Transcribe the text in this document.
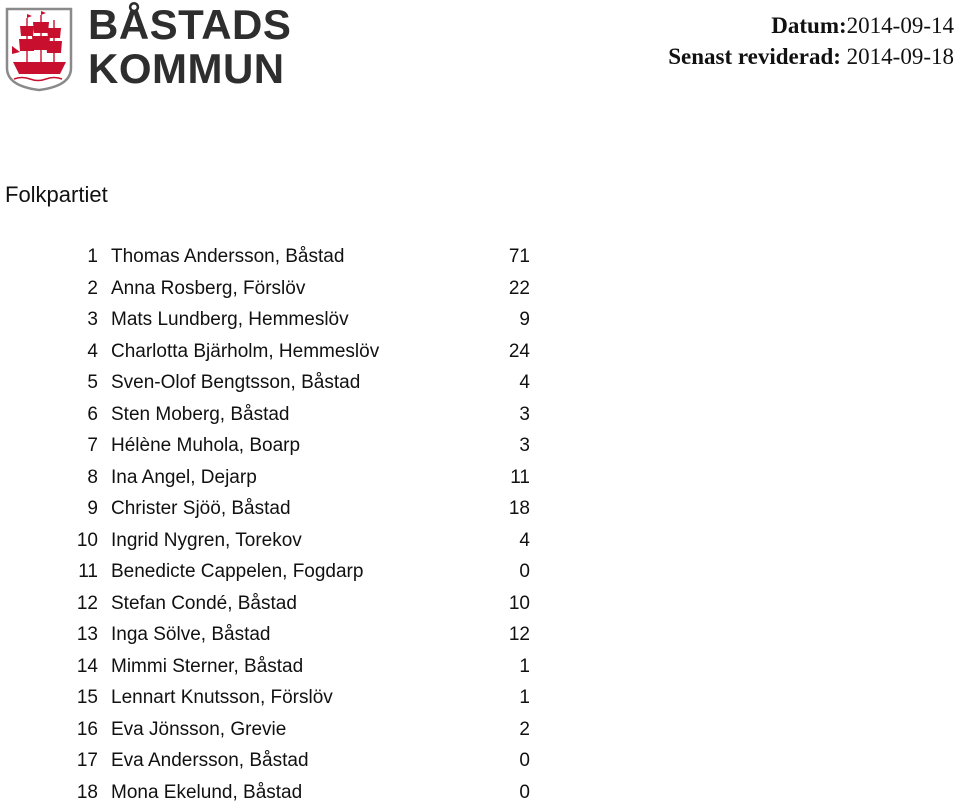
BÅSTADS
KOMMUN
Datum:2014-09-14
Senast reviderad: 2014-09-18
Folkpartiet
1 Thomas Andersson, Båstad	71
2 Anna Rosberg, Förslöv	22
3 Mats Lundberg, Hemmeslöv	9
4 Charlotta Bjärholm, Hemmeslöv	24
5 Sven-Olof Bengtsson, Båstad	4
6 Sten Moberg, Båstad	3
7 Hélène Muhola, Boarp	3
8 Ina Angel, Dejarp	11
9 Christer Sjöö, Båstad	18
10 Ingrid Nygren, Torekov	4
11 Benedicte Cappelen, Fogdarp	0
12 Stefan Condé, Båstad	10
13 Inga Sölve, Båstad	12
14 Mimmi Sterner, Båstad	1
15 Lennart Knutsson, Förslöv	1
16 Eva Jönsson, Grevie	2
17 Eva Andersson, Båstad	0
18 Mona Ekelund, Båstad	0
